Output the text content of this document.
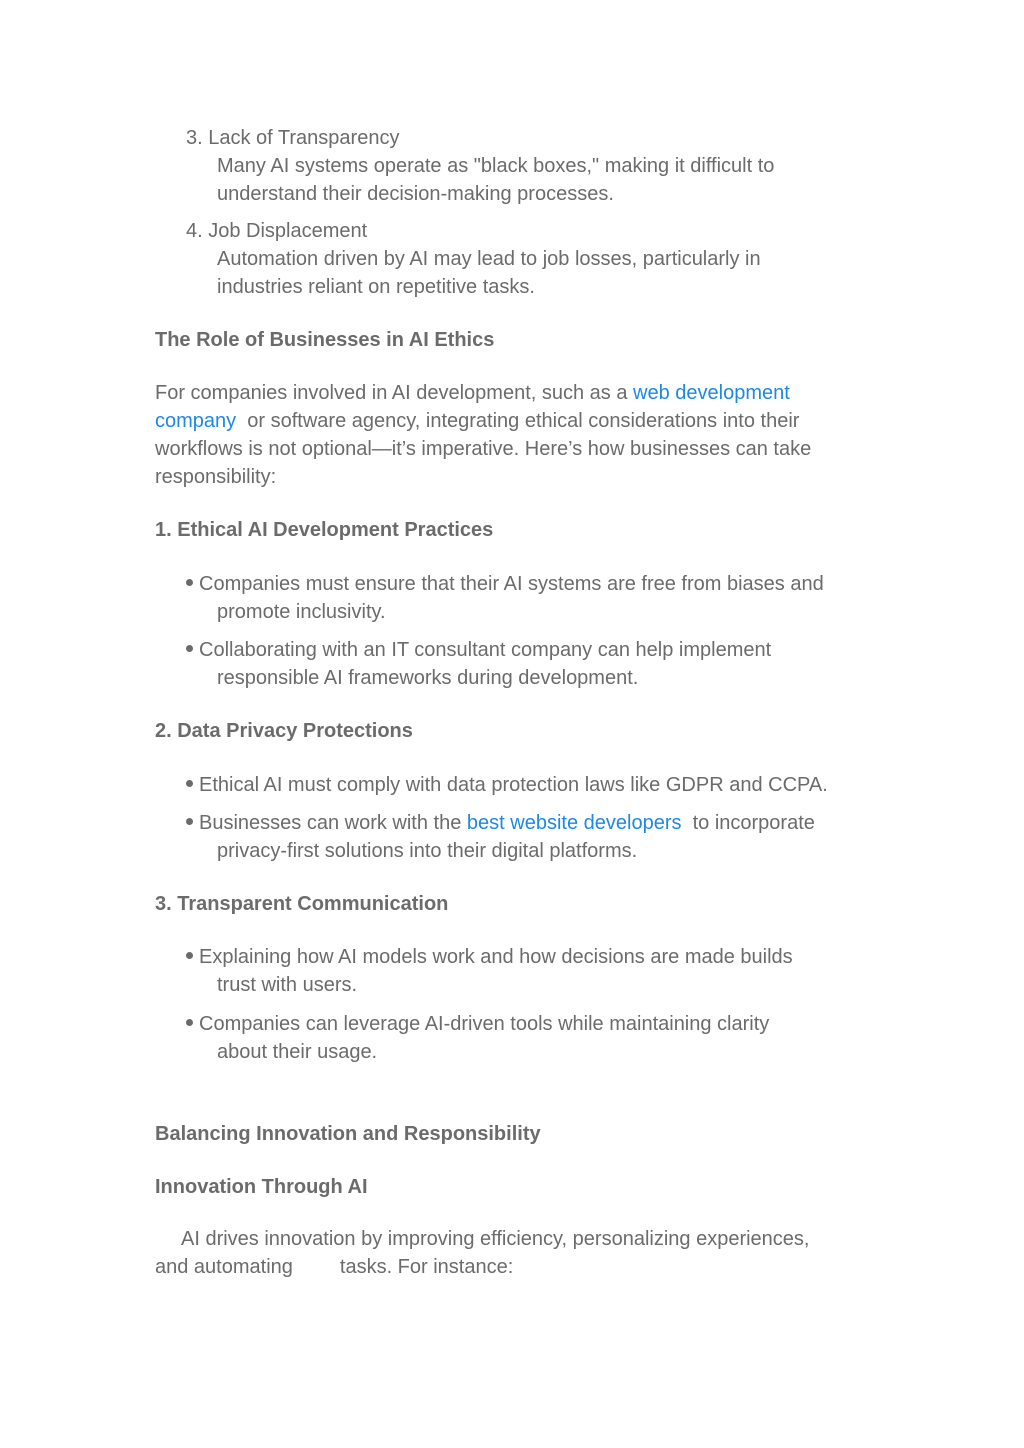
3. Lack of Transparency
Many AI systems operate as "black boxes," making it difficult to
understand their decision-making processes.
4. Job Displacement
Automation driven by AI may lead to job losses, particularly in
industries reliant on repetitive tasks.
The Role of Businesses in AI Ethics
For companies involved in AI development, such as a web development
company  or software agency, integrating ethical considerations into their
workflows is not optional—it’s imperative. Here’s how businesses can take
responsibility:
1. Ethical AI Development Practices
Companies must ensure that their AI systems are free from biases and
promote inclusivity.
Collaborating with an IT consultant company can help implement
responsible AI frameworks during development.
2. Data Privacy Protections
Ethical AI must comply with data protection laws like GDPR and CCPA.
Businesses can work with the best website developers  to incorporate
privacy-first solutions into their digital platforms.
3. Transparent Communication
Explaining how AI models work and how decisions are made builds
trust with users.
Companies can leverage AI-driven tools while maintaining clarity
about their usage.
Balancing Innovation and Responsibility
Innovation Through AI
AI drives innovation by improving efficiency, personalizing experiences,
and automating tasks. For instance:
